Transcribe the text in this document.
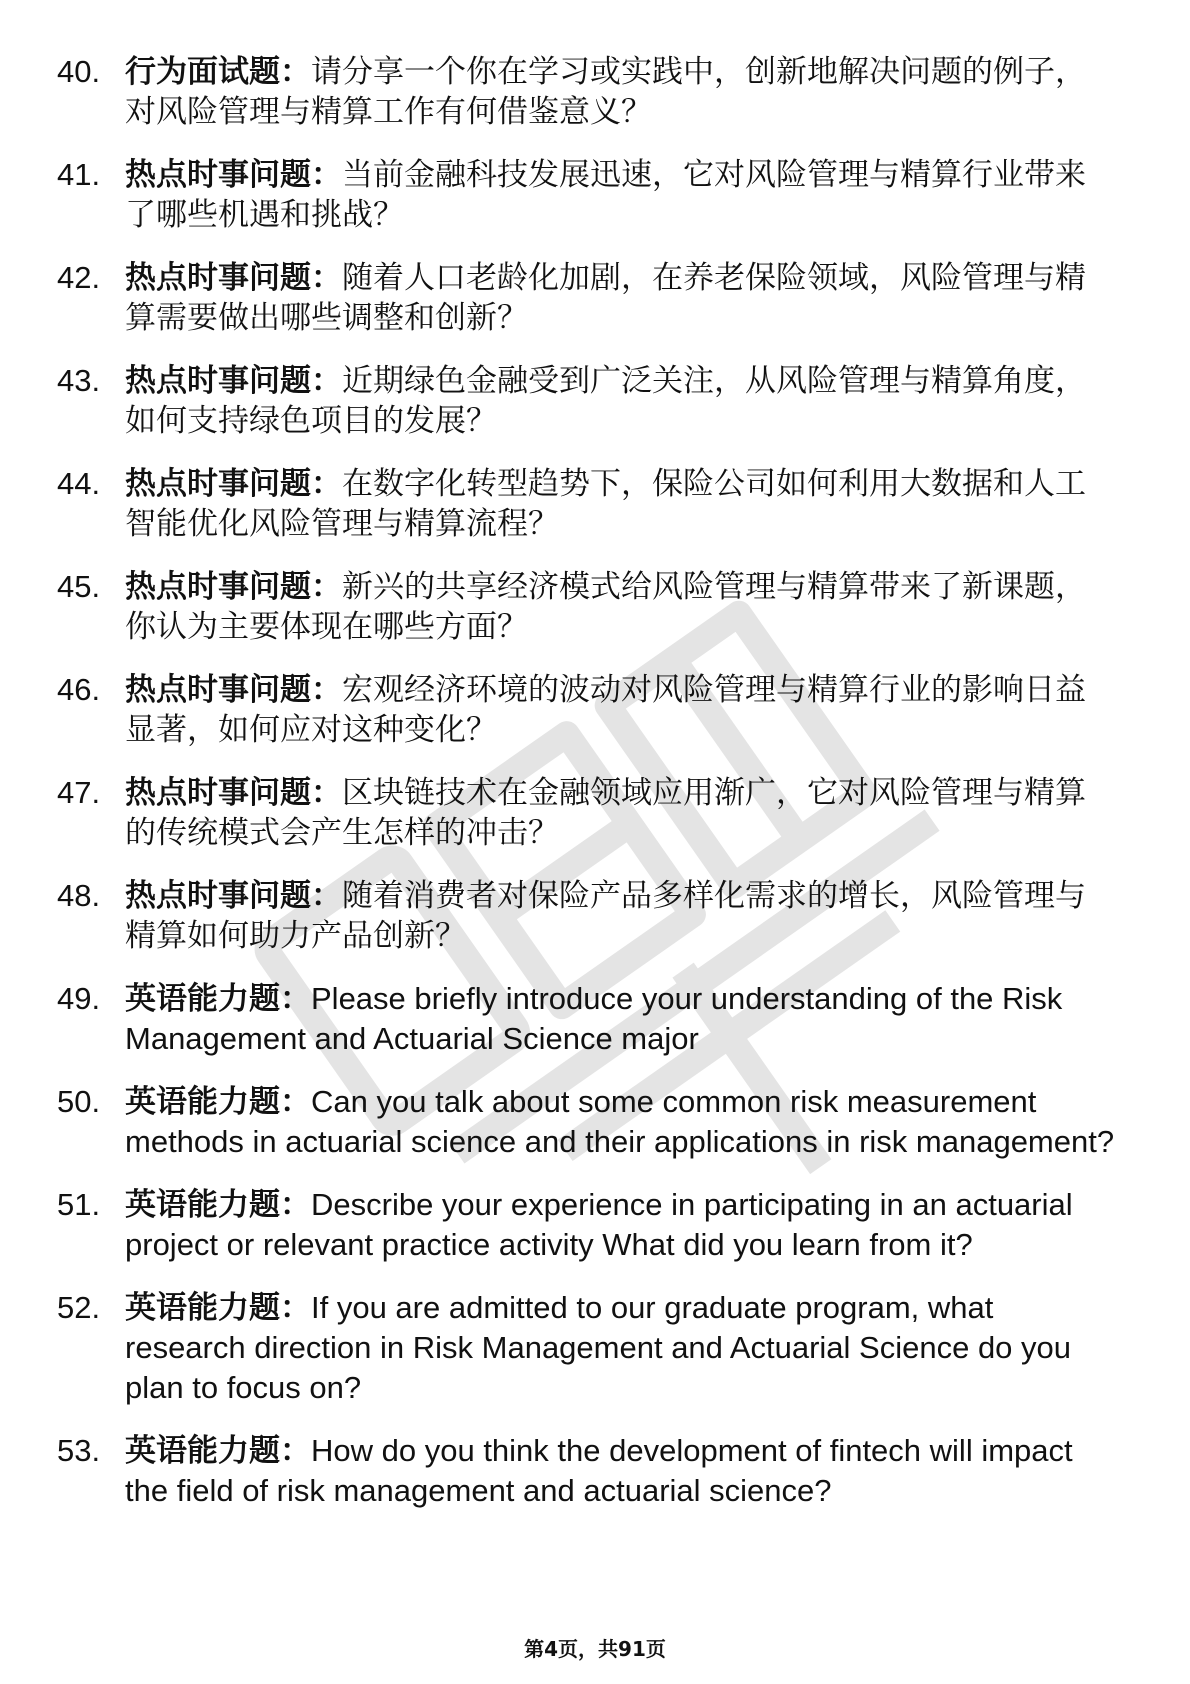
40. 行为面试题：请分享一个你在学习或实践中，创新地解决问题的例子，对风险管理与精算工作有何借鉴意义？
41. 热点时事问题：当前金融科技发展迅速，它对风险管理与精算行业带来了哪些机遇和挑战？
42. 热点时事问题：随着人口老龄化加剧，在养老保险领域，风险管理与精算需要做出哪些调整和创新？
43. 热点时事问题：近期绿色金融受到广泛关注，从风险管理与精算角度，如何支持绿色项目的发展？
44. 热点时事问题：在数字化转型趋势下，保险公司如何利用大数据和人工智能优化风险管理与精算流程？
45. 热点时事问题：新兴的共享经济模式给风险管理与精算带来了新课题，你认为主要体现在哪些方面？
46. 热点时事问题：宏观经济环境的波动对风险管理与精算行业的影响日益显著，如何应对这种变化？
47. 热点时事问题：区块链技术在金融领域应用渐广，它对风险管理与精算的传统模式会产生怎样的冲击？
48. 热点时事问题：随着消费者对保险产品多样化需求的增长，风险管理与精算如何助力产品创新？
49. 英语能力题：Please briefly introduce your understanding of the Risk Management and Actuarial Science major
50. 英语能力题：Can you talk about some common risk measurement methods in actuarial science and their applications in risk management?
51. 英语能力题：Describe your experience in participating in an actuarial project or relevant practice activity What did you learn from it?
52. 英语能力题：If you are admitted to our graduate program, what research direction in Risk Management and Actuarial Science do you plan to focus on?
53. 英语能力题：How do you think the development of fintech will impact the field of risk management and actuarial science?
第4页，共91页
